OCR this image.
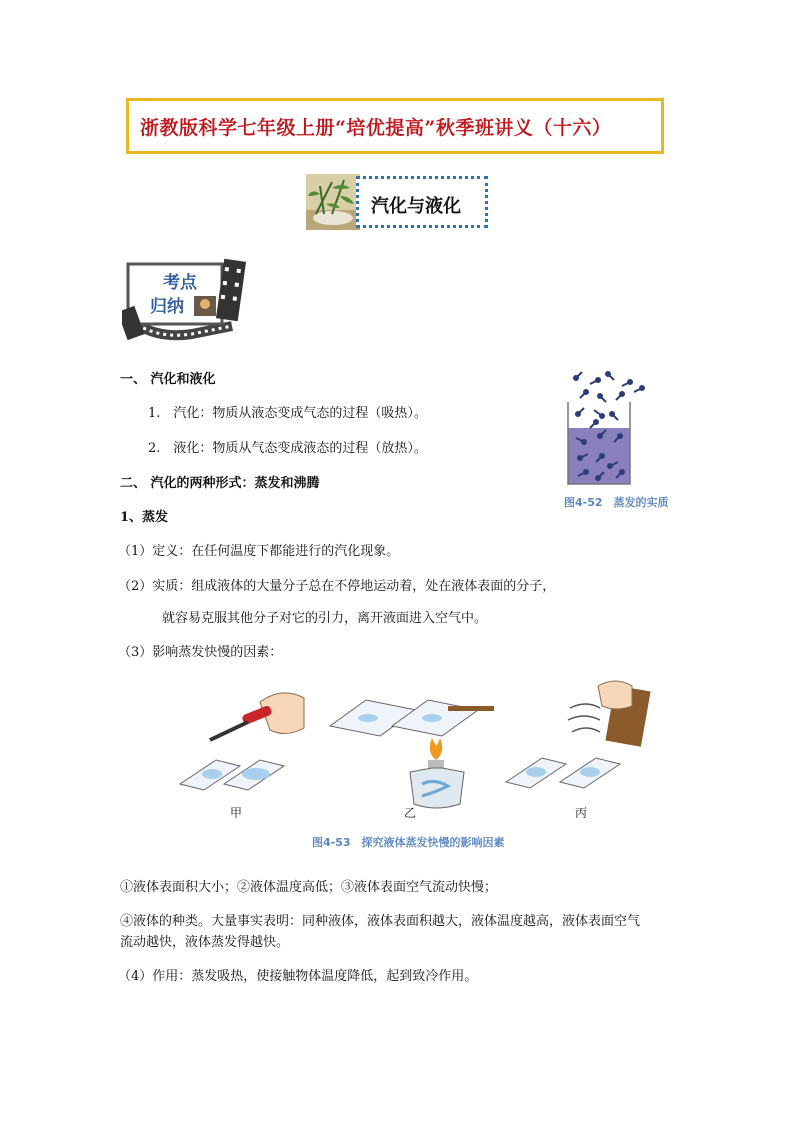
浙教版科学七年级上册“培优提高”秋季班讲义（十六）
汽化与液化
考点
归纳
一、 汽化和液化
1.　汽化：物质从液态变成气态的过程（吸热）。
2.　液化：物质从气态变成液态的过程（放热）。
图4-52　蒸发的实质
二、 汽化的两种形式：蒸发和沸腾
1、蒸发
（1）定义：在任何温度下都能进行的汽化现象。
（2）实质：组成液体的大量分子总在不停地运动着，处在液体表面的分子，
就容易克服其他分子对它的引力，离开液面进入空气中。
（3）影响蒸发快慢的因素：
甲	乙	丙
图4-53　探究液体蒸发快慢的影响因素
①液体表面积大小；②液体温度高低；③液体表面空气流动快慢；
④液体的种类。大量事实表明：同种液体，液体表面积越大，液体温度越高，液体表面空气
流动越快，液体蒸发得越快。
（4）作用：蒸发吸热，使接触物体温度降低，起到致冷作用。
